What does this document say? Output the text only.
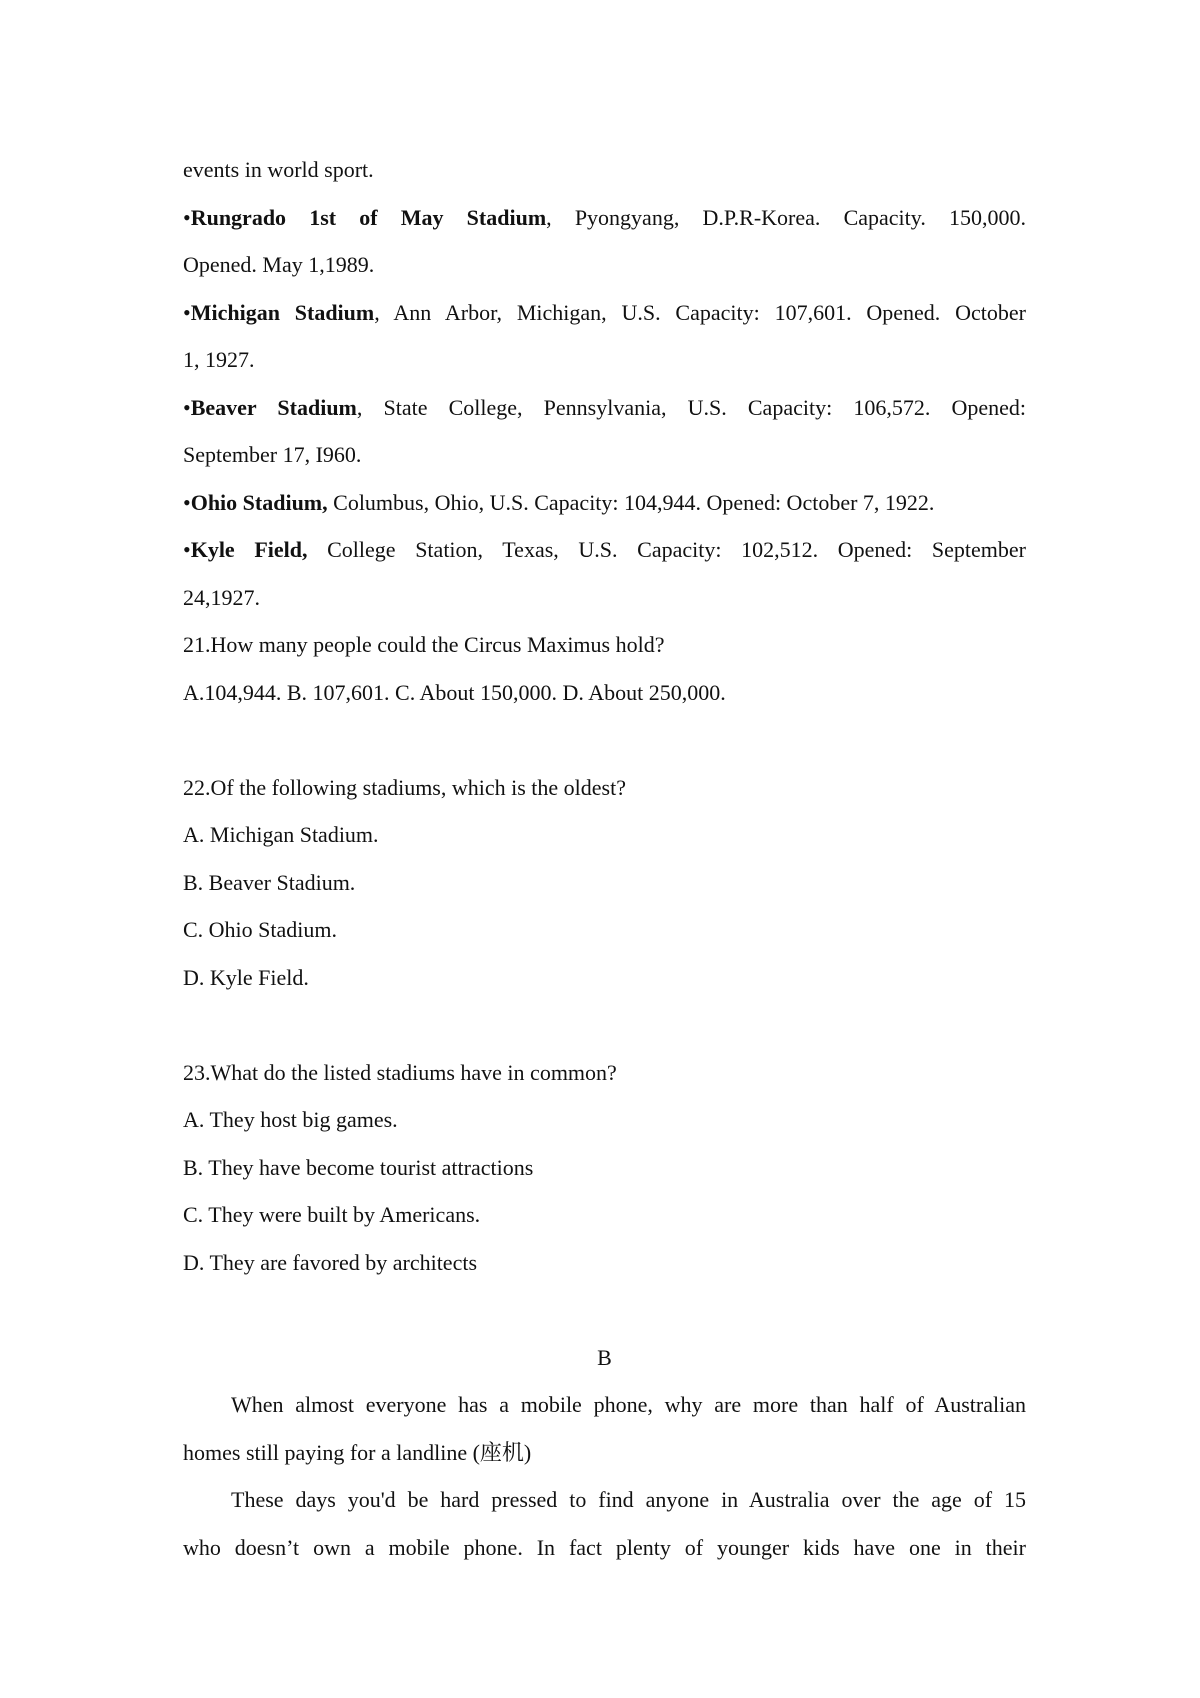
events in world sport.
•Rungrado 1st of May Stadium, Pyongyang, D.P.R-Korea. Capacity. 150,000.
Opened. May 1,1989.
•Michigan Stadium, Ann Arbor, Michigan, U.S. Capacity: 107,601. Opened. October
1, 1927.
•Beaver Stadium, State College, Pennsylvania, U.S. Capacity: 106,572. Opened:
September 17, I960.
•Ohio Stadium, Columbus, Ohio, U.S. Capacity: 104,944. Opened: October 7, 1922.
•Kyle Field, College Station, Texas, U.S. Capacity: 102,512. Opened: September
24,1927.
21.How many people could the Circus Maximus hold?
A.104,944. B. 107,601. C. About 150,000. D. About 250,000.
22.Of the following stadiums, which is the oldest?
A. Michigan Stadium.
B. Beaver Stadium.
C. Ohio Stadium.
D. Kyle Field.
23.What do the listed stadiums have in common?
A. They host big games.
B. They have become tourist attractions
C. They were built by Americans.
D. They are favored by architects
B
When almost everyone has a mobile phone, why are more than half of Australian
homes still paying for a landline (座机)
These days you'd be hard pressed to find anyone in Australia over the age of 15
who doesn’t own a mobile phone. In fact plenty of younger kids have one in their
